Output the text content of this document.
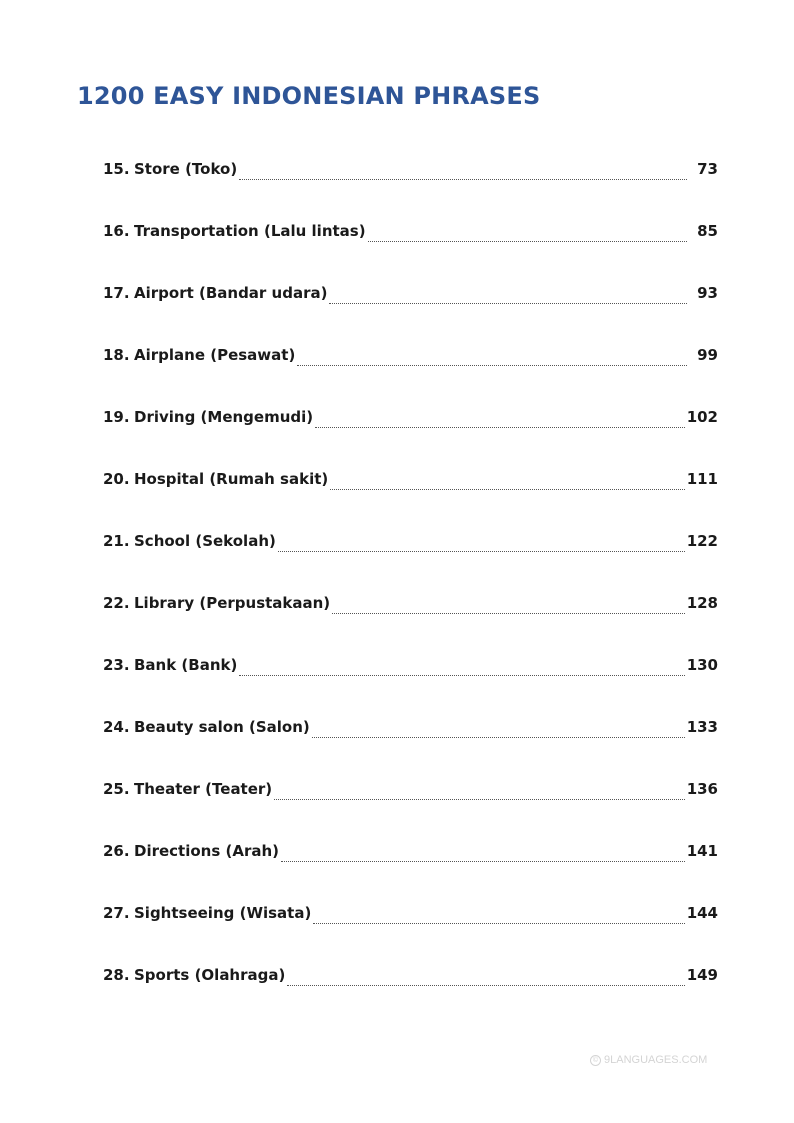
1200 EASY INDONESIAN PHRASES
15. Store (Toko)	73
16. Transportation (Lalu lintas)	85
17. Airport (Bandar udara)	93
18. Airplane (Pesawat)	99
19. Driving (Mengemudi)	102
20. Hospital (Rumah sakit)	111
21. School (Sekolah)	122
22. Library (Perpustakaan)	128
23. Bank (Bank)	130
24. Beauty salon (Salon)	133
25. Theater (Teater)	136
26. Directions (Arah)	141
27. Sightseeing (Wisata)	144
28. Sports (Olahraga)	149
© 9LANGUAGES.COM
